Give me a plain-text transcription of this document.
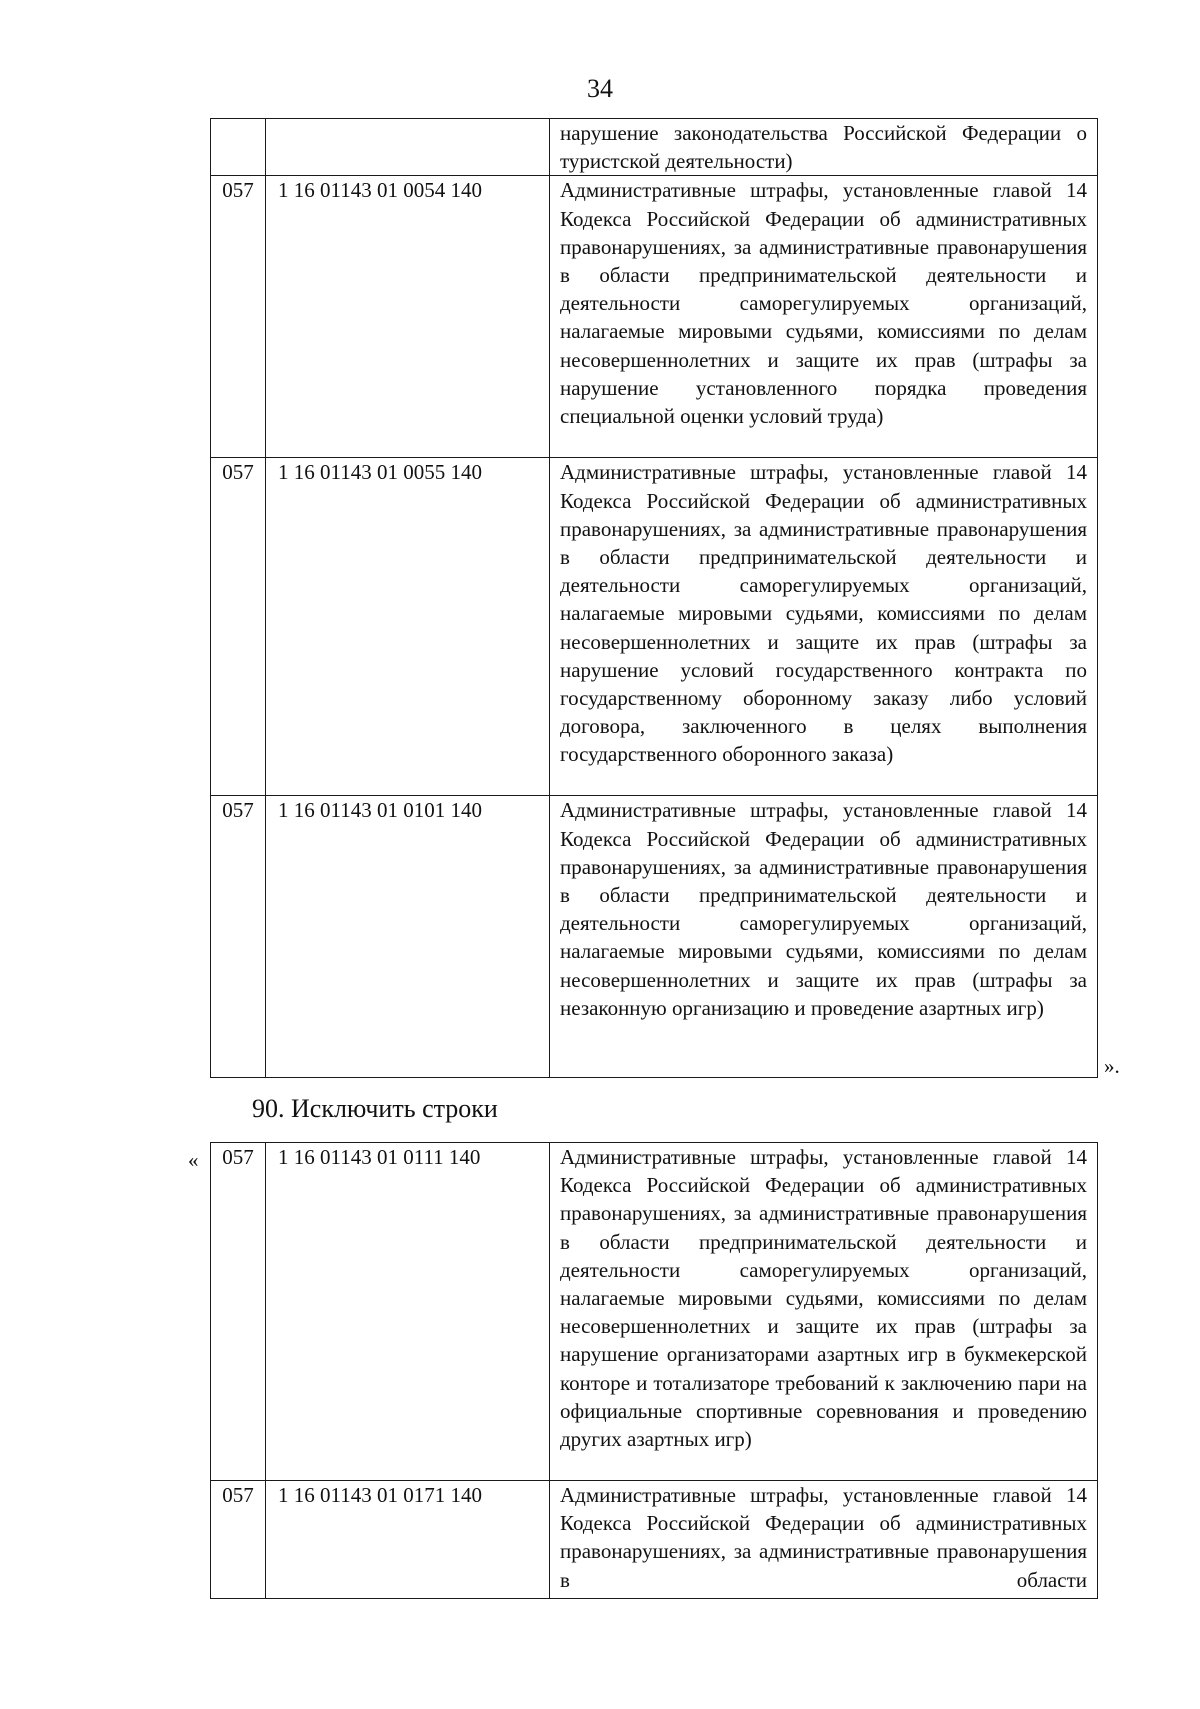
34
		нарушение законодательства Российской Федерации о туристской деятельности)
057	1 16 01143 01 0054 140	Административные штрафы, установленные главой 14 Кодекса Российской Федерации об административных правонарушениях, за административные правонарушения в области предпринимательской деятельности и деятельности саморегулируемых организаций, налагаемые мировыми судьями, комиссиями по делам несовершеннолетних и защите их прав (штрафы за нарушение установленного порядка проведения специальной оценки условий труда)
057	1 16 01143 01 0055 140	Административные штрафы, установленные главой 14 Кодекса Российской Федерации об административных правонарушениях, за административные правонарушения в области предпринимательской деятельности и деятельности саморегулируемых организаций, налагаемые мировыми судьями, комиссиями по делам несовершеннолетних и защите их прав (штрафы за нарушение условий государственного контракта по государственному оборонному заказу либо условий договора, заключенного в целях выполнения государственного оборонного заказа)
057	1 16 01143 01 0101 140	Административные штрафы, установленные главой 14 Кодекса Российской Федерации об административных правонарушениях, за административные правонарушения в области предпринимательской деятельности и деятельности саморегулируемых организаций, налагаемые мировыми судьями, комиссиями по делам несовершеннолетних и защите их прав (штрафы за незаконную организацию и проведение азартных игр)
».
90. Исключить строки
« 057	1 16 01143 01 0111 140	Административные штрафы, установленные главой 14 Кодекса Российской Федерации об административных правонарушениях, за административные правонарушения в области предпринимательской деятельности и деятельности саморегулируемых организаций, налагаемые мировыми судьями, комиссиями по делам несовершеннолетних и защите их прав (штрафы за нарушение организаторами азартных игр в букмекерской конторе и тотализаторе требований к заключению пари на официальные спортивные соревнования и проведению других азартных игр)
057	1 16 01143 01 0171 140	Административные штрафы, установленные главой 14 Кодекса Российской Федерации об административных правонарушениях, за административные правонарушения в области
